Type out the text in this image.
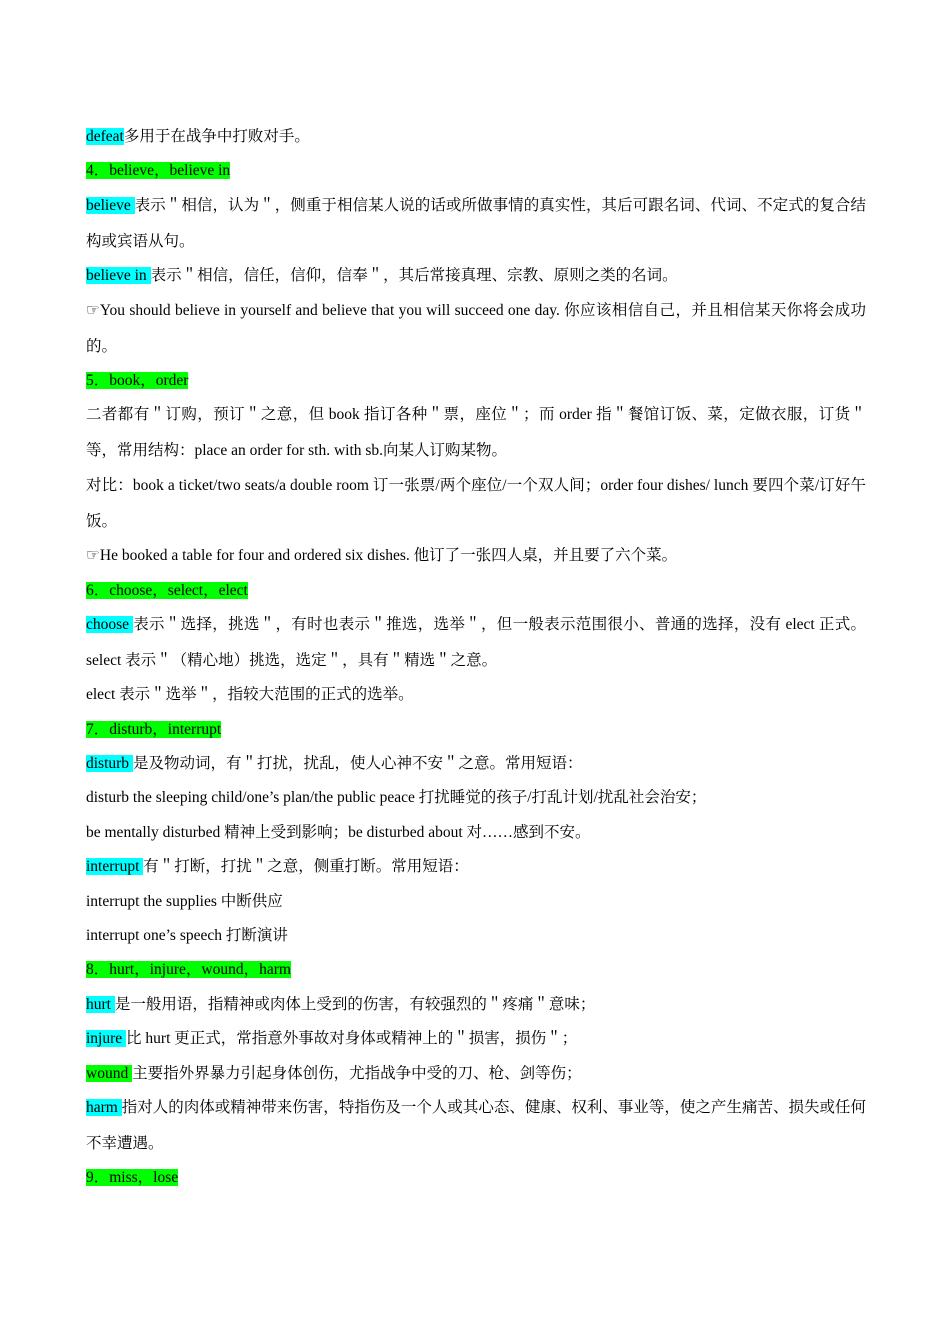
defeat多用于在战争中打败对手。

4．believe，believe in

believe 表示＂相信，认为＂，侧重于相信某人说的话或所做事情的真实性，其后可跟名词、代词、不定式的复合结构或宾语从句。

believe in 表示＂相信，信任，信仰，信奉＂，其后常接真理、宗教、原则之类的名词。

☞You should believe in yourself and believe that you will succeed one day. 你应该相信自己，并且相信某天你将会成功的。

5．book，order

二者都有＂订购，预订＂之意，但 book 指订各种＂票，座位＂；而 order 指＂餐馆订饭、菜，定做衣服，订货＂等，常用结构：place an order for sth. with sb.向某人订购某物。

对比：book a ticket/two seats/a double room 订一张票/两个座位/一个双人间；order four dishes/ lunch 要四个菜/订好午饭。

☞He booked a table for four and ordered six dishes. 他订了一张四人桌，并且要了六个菜。

6．choose，select，elect

choose 表示＂选择，挑选＂，有时也表示＂推选，选举＂，但一般表示范围很小、普通的选择，没有 elect 正式。 select 表示＂（精心地）挑选，选定＂，具有＂精选＂之意。

elect 表示＂选举＂，指较大范围的正式的选举。

7．disturb，interrupt

disturb 是及物动词，有＂打扰，扰乱，使人心神不安＂之意。常用短语：

disturb the sleeping child/one’s plan/the public peace 打扰睡觉的孩子/打乱计划/扰乱社会治安；

be mentally disturbed 精神上受到影响；be disturbed about 对……感到不安。

interrupt 有＂打断，打扰＂之意，侧重打断。常用短语：

interrupt the supplies 中断供应

interrupt one’s speech 打断演讲

8．hurt，injure，wound，harm

hurt 是一般用语，指精神或肉体上受到的伤害，有较强烈的＂疼痛＂意味；

injure 比 hurt 更正式，常指意外事故对身体或精神上的＂损害，损伤＂；

wound 主要指外界暴力引起身体创伤，尤指战争中受的刀、枪、剑等伤；

harm 指对人的肉体或精神带来伤害，特指伤及一个人或其心态、健康、权利、事业等，使之产生痛苦、损失或任何不幸遭遇。

9．miss，lose
